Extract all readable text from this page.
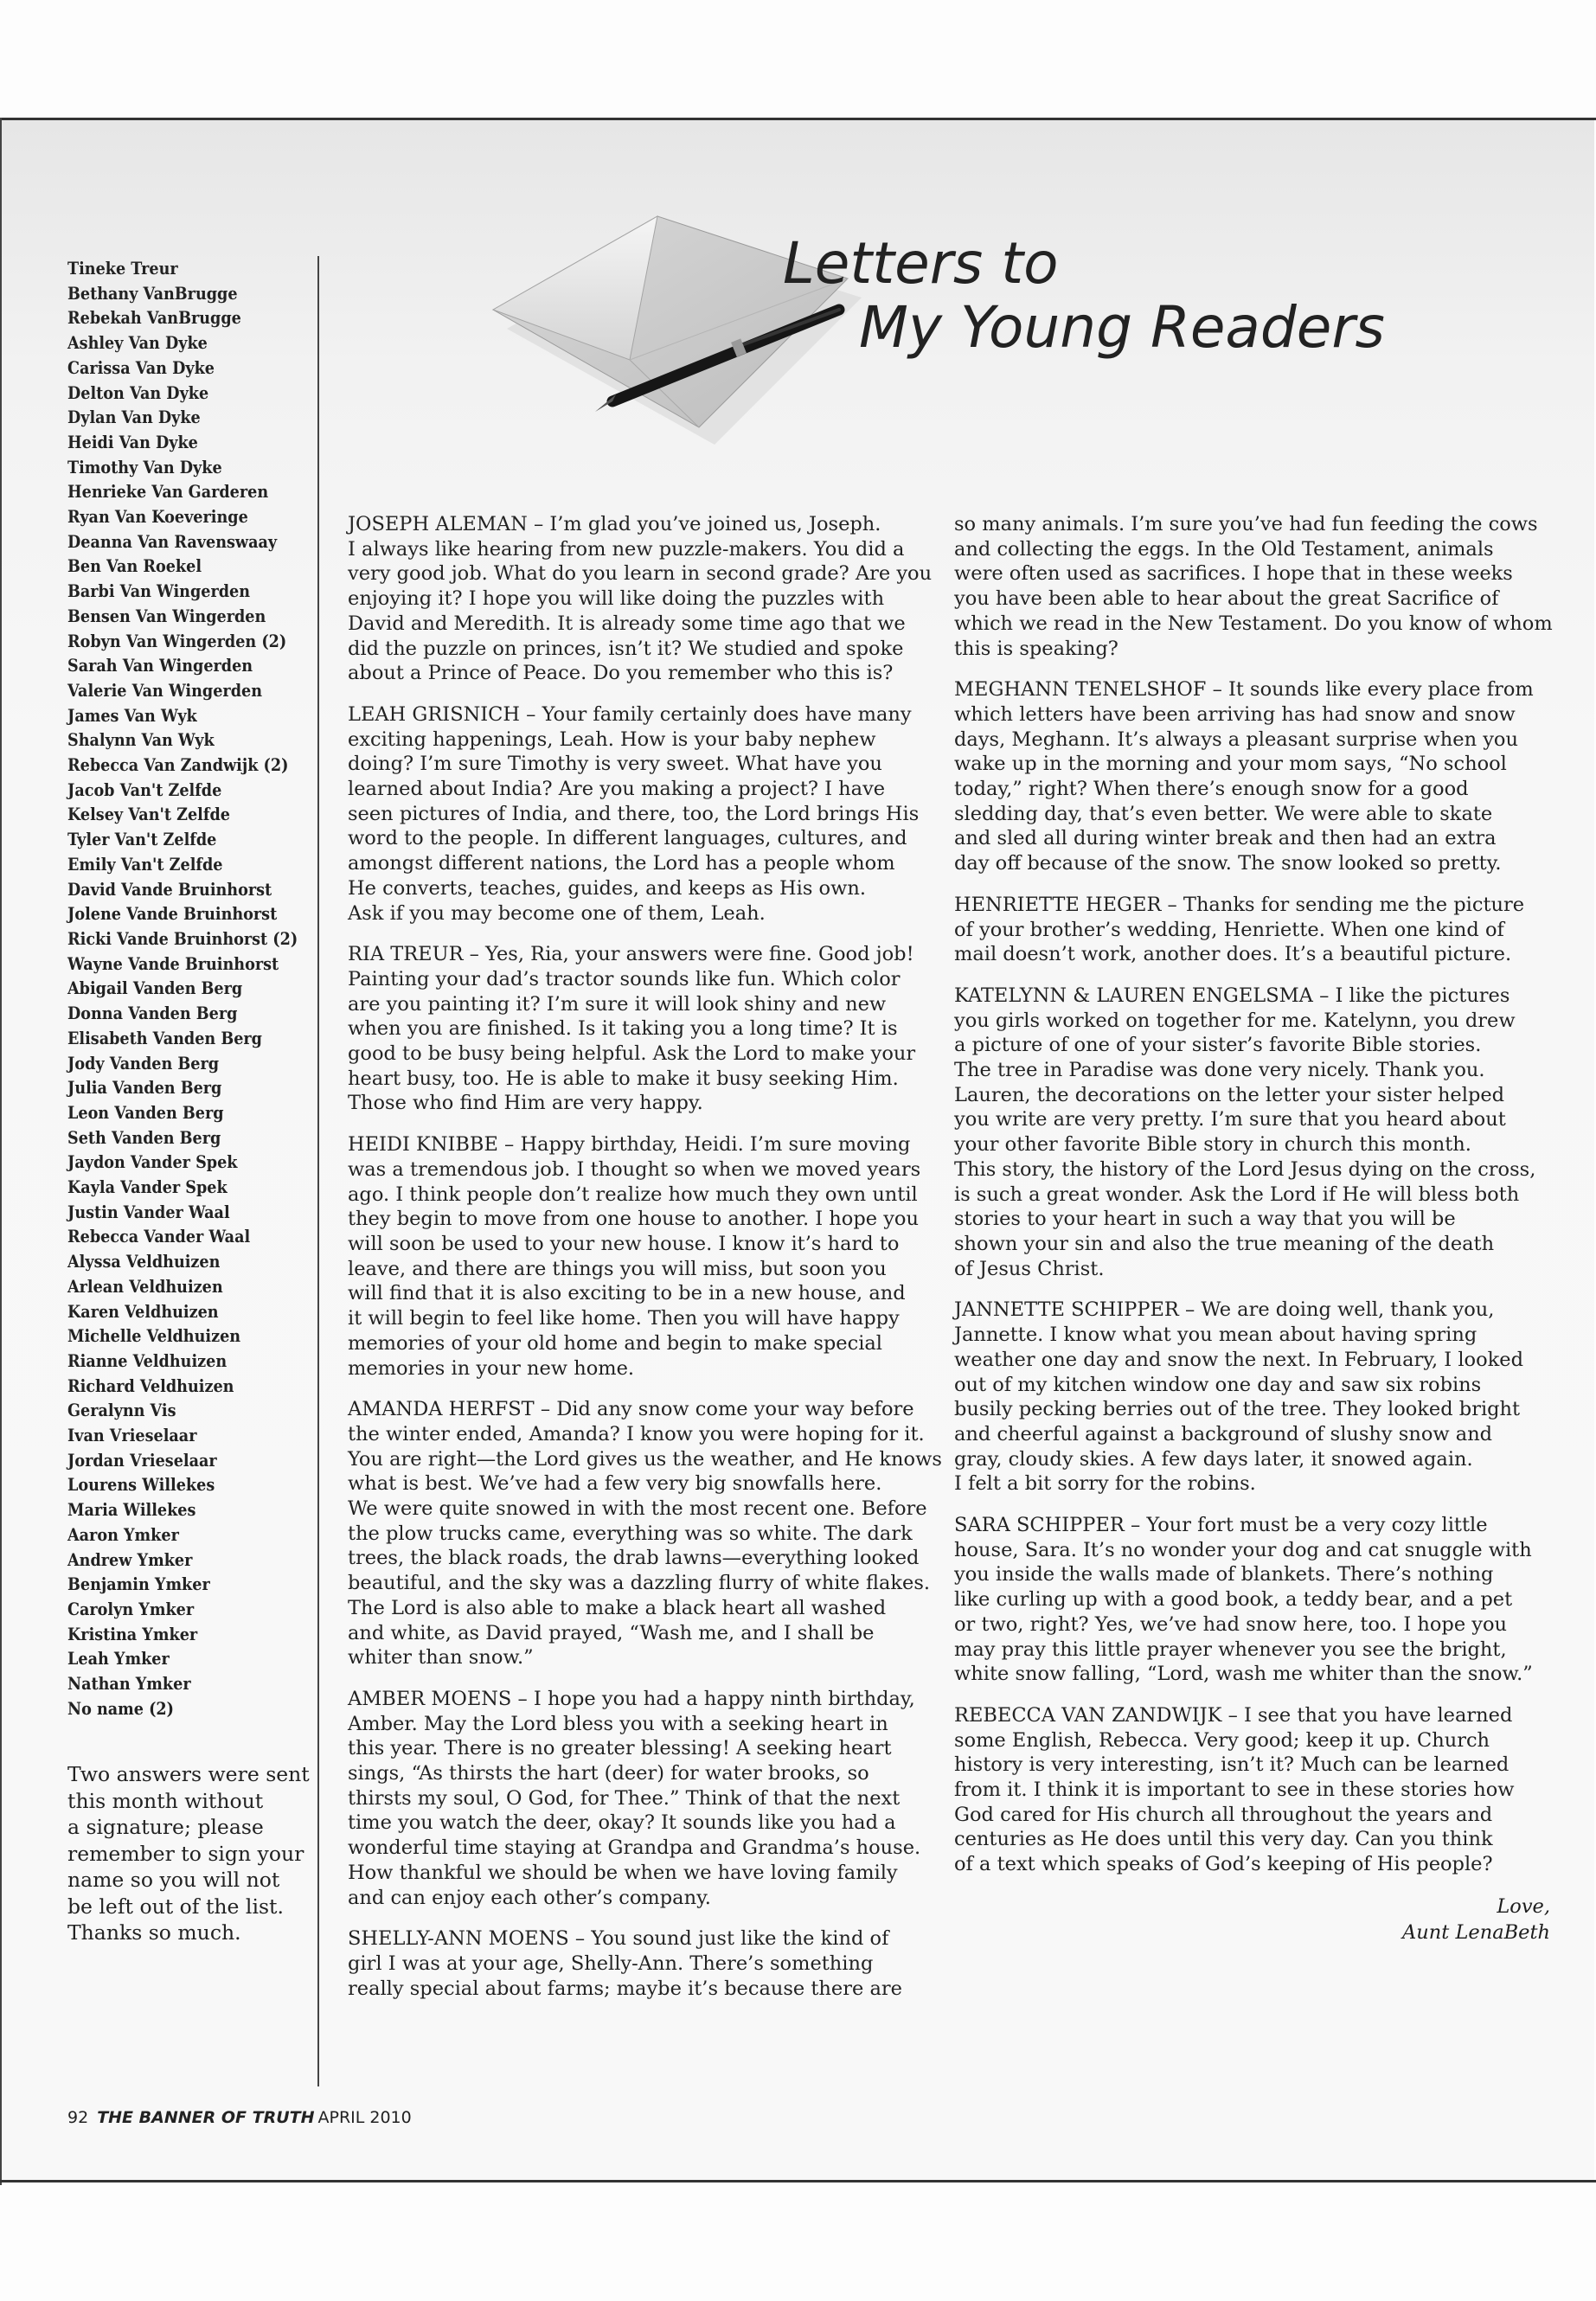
Tineke Treur
Bethany VanBrugge
Rebekah VanBrugge
Ashley Van Dyke
Carissa Van Dyke
Delton Van Dyke
Dylan Van Dyke
Heidi Van Dyke
Timothy Van Dyke
Henrieke Van Garderen
Ryan Van Koeveringe
Deanna Van Ravenswaay
Ben Van Roekel
Barbi Van Wingerden
Bensen Van Wingerden
Robyn Van Wingerden (2)
Sarah Van Wingerden
Valerie Van Wingerden
James Van Wyk
Shalynn Van Wyk
Rebecca Van Zandwijk (2)
Jacob Van't Zelfde
Kelsey Van't Zelfde
Tyler Van't Zelfde
Emily Van't Zelfde
David Vande Bruinhorst
Jolene Vande Bruinhorst
Ricki Vande Bruinhorst (2)
Wayne Vande Bruinhorst
Abigail Vanden Berg
Donna Vanden Berg
Elisabeth Vanden Berg
Jody Vanden Berg
Julia Vanden Berg
Leon Vanden Berg
Seth Vanden Berg
Jaydon Vander Spek
Kayla Vander Spek
Justin Vander Waal
Rebecca Vander Waal
Alyssa Veldhuizen
Arlean Veldhuizen
Karen Veldhuizen
Michelle Veldhuizen
Rianne Veldhuizen
Richard Veldhuizen
Geralynn Vis
Ivan Vrieselaar
Jordan Vrieselaar
Lourens Willekes
Maria Willekes
Aaron Ymker
Andrew Ymker
Benjamin Ymker
Carolyn Ymker
Kristina Ymker
Leah Ymker
Nathan Ymker
No name (2)
Two answers were sent
this month without
a signature; please
remember to sign your
name so you will not
be left out of the list.
Thanks so much.
Letters to
My Young Readers

JOSEPH ALEMAN – I’m glad you’ve joined us, Joseph.
I always like hearing from new puzzle-makers. You did a
very good job. What do you learn in second grade? Are you
enjoying it? I hope you will like doing the puzzles with
David and Meredith. It is already some time ago that we
did the puzzle on princes, isn’t it? We studied and spoke
about a Prince of Peace. Do you remember who this is?

LEAH GRISNICH – Your family certainly does have many
exciting happenings, Leah. How is your baby nephew
doing? I’m sure Timothy is very sweet. What have you
learned about India? Are you making a project? I have
seen pictures of India, and there, too, the Lord brings His
word to the people. In different languages, cultures, and
amongst different nations, the Lord has a people whom
He converts, teaches, guides, and keeps as His own.
Ask if you may become one of them, Leah.

RIA TREUR – Yes, Ria, your answers were fine. Good job!
Painting your dad’s tractor sounds like fun. Which color
are you painting it? I’m sure it will look shiny and new
when you are finished. Is it taking you a long time? It is
good to be busy being helpful. Ask the Lord to make your
heart busy, too. He is able to make it busy seeking Him.
Those who find Him are very happy.

HEIDI KNIBBE – Happy birthday, Heidi. I’m sure moving
was a tremendous job. I thought so when we moved years
ago. I think people don’t realize how much they own until
they begin to move from one house to another. I hope you
will soon be used to your new house. I know it’s hard to
leave, and there are things you will miss, but soon you
will find that it is also exciting to be in a new house, and
it will begin to feel like home. Then you will have happy
memories of your old home and begin to make special
memories in your new home.

AMANDA HERFST – Did any snow come your way before
the winter ended, Amanda? I know you were hoping for it.
You are right—the Lord gives us the weather, and He knows
what is best. We’ve had a few very big snowfalls here.
We were quite snowed in with the most recent one. Before
the plow trucks came, everything was so white. The dark
trees, the black roads, the drab lawns—everything looked
beautiful, and the sky was a dazzling flurry of white flakes.
The Lord is also able to make a black heart all washed
and white, as David prayed, “Wash me, and I shall be
whiter than snow.”

AMBER MOENS – I hope you had a happy ninth birthday,
Amber. May the Lord bless you with a seeking heart in
this year. There is no greater blessing! A seeking heart
sings, “As thirsts the hart (deer) for water brooks, so
thirsts my soul, O God, for Thee.” Think of that the next
time you watch the deer, okay? It sounds like you had a
wonderful time staying at Grandpa and Grandma’s house.
How thankful we should be when we have loving family
and can enjoy each other’s company.

SHELLY-ANN MOENS – You sound just like the kind of
girl I was at your age, Shelly-Ann. There’s something
really special about farms; maybe it’s because there are

so many animals. I’m sure you’ve had fun feeding the cows
and collecting the eggs. In the Old Testament, animals
were often used as sacrifices. I hope that in these weeks
you have been able to hear about the great Sacrifice of
which we read in the New Testament. Do you know of whom
this is speaking?

MEGHANN TENELSHOF – It sounds like every place from
which letters have been arriving has had snow and snow
days, Meghann. It’s always a pleasant surprise when you
wake up in the morning and your mom says, “No school
today,” right? When there’s enough snow for a good
sledding day, that’s even better. We were able to skate
and sled all during winter break and then had an extra
day off because of the snow. The snow looked so pretty.

HENRIETTE HEGER – Thanks for sending me the picture
of your brother’s wedding, Henriette. When one kind of
mail doesn’t work, another does. It’s a beautiful picture.

KATELYNN & LAUREN ENGELSMA – I like the pictures
you girls worked on together for me. Katelynn, you drew
a picture of one of your sister’s favorite Bible stories.
The tree in Paradise was done very nicely. Thank you.
Lauren, the decorations on the letter your sister helped
you write are very pretty. I’m sure that you heard about
your other favorite Bible story in church this month.
This story, the history of the Lord Jesus dying on the cross,
is such a great wonder. Ask the Lord if He will bless both
stories to your heart in such a way that you will be
shown your sin and also the true meaning of the death
of Jesus Christ.

JANNETTE SCHIPPER – We are doing well, thank you,
Jannette. I know what you mean about having spring
weather one day and snow the next. In February, I looked
out of my kitchen window one day and saw six robins
busily pecking berries out of the tree. They looked bright
and cheerful against a background of slushy snow and
gray, cloudy skies. A few days later, it snowed again.
I felt a bit sorry for the robins.

SARA SCHIPPER – Your fort must be a very cozy little
house, Sara. It’s no wonder your dog and cat snuggle with
you inside the walls made of blankets. There’s nothing
like curling up with a good book, a teddy bear, and a pet
or two, right? Yes, we’ve had snow here, too. I hope you
may pray this little prayer whenever you see the bright,
white snow falling, “Lord, wash me whiter than the snow.”

REBECCA VAN ZANDWIJK – I see that you have learned
some English, Rebecca. Very good; keep it up. Church
history is very interesting, isn’t it? Much can be learned
from it. I think it is important to see in these stories how
God cared for His church all throughout the years and
centuries as He does until this very day. Can you think
of a text which speaks of God’s keeping of His people?

Love,
Aunt LenaBeth
92 THE BANNER OF TRUTH APRIL 2010
